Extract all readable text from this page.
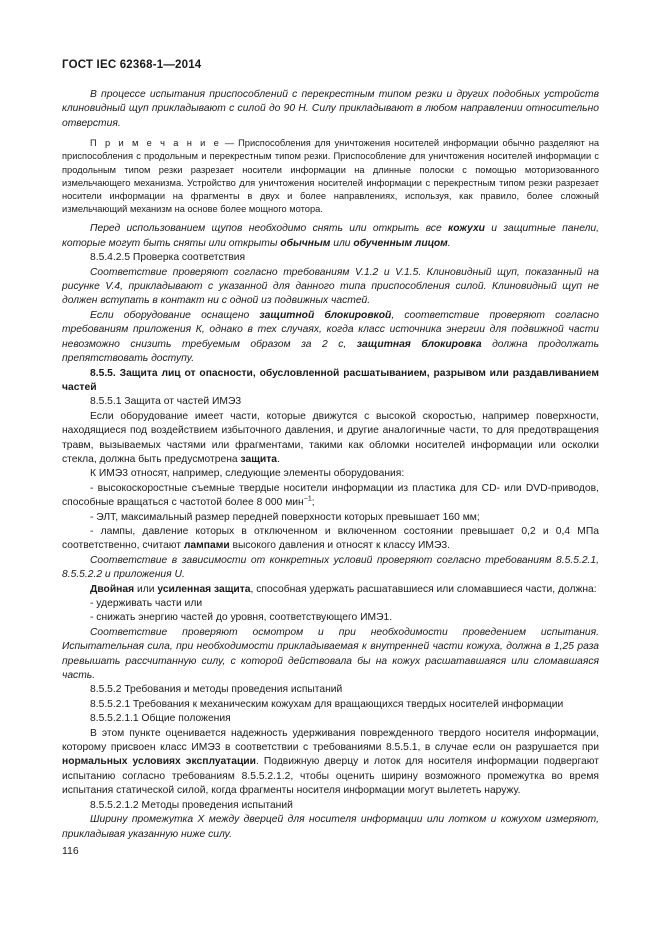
ГОСТ IEC 62368-1—2014

В процессе испытания приспособлений с перекрестным типом резки и других подобных устройств клиновидный щуп прикладывают с силой до 90 Н. Силу прикладывают в любом направлении относительно отверстия.

П р и м е ч а н и е — Приспособления для уничтожения носителей информации обычно разделяют на приспособления с продольным и перекрестным типом резки. Приспособление для уничтожения носителей информации с продольным типом резки разрезает носители информации на длинные полоски с помощью моторизованного измельчающего механизма. Устройство для уничтожения носителей информации с перекрестным типом резки разрезает носители информации на фрагменты в двух и более направлениях, используя, как правило, более сложный измельчающий механизм на основе более мощного мотора.

Перед использованием щупов необходимо снять или открыть все кожухи и защитные панели, которые могут быть сняты или открыты обычным или обученным лицом.

8.5.4.2.5 Проверка соответствия

Соответствие проверяют согласно требованиям V.1.2 и V.1.5. Клиновидный щуп, показанный на рисунке V.4, прикладывают с указанной для данного типа приспособления силой. Клиновидный щуп не должен вступать в контакт ни с одной из подвижных частей.

Если оборудование оснащено защитной блокировкой, соответствие проверяют согласно требованиям приложения К, однако в тех случаях, когда класс источника энергии для подвижной части невозможно снизить требуемым образом за 2 с, защитная блокировка должна продолжать препятствовать доступу.

8.5.5. Защита лиц от опасности, обусловленной расшатыванием, разрывом или раздавливанием частей

8.5.5.1 Защита от частей ИМЭ3

Если оборудование имеет части, которые движутся с высокой скоростью, например поверхности, находящиеся под воздействием избыточного давления, и другие аналогичные части, то для предотвращения травм, вызываемых частями или фрагментами, такими как обломки носителей информации или осколки стекла, должна быть предусмотрена защита.

К ИМЭ3 относят, например, следующие элементы оборудования:

- высокоскоростные съемные твердые носители информации из пластика для CD- или DVD-приводов, способные вращаться с частотой более 8 000 мин$^{-1}$;

- ЭЛТ, максимальный размер передней поверхности которых превышает 160 мм;

- лампы, давление которых в отключенном и включенном состоянии превышает 0,2 и 0,4 МПа соответственно, считают лампами высокого давления и относят к классу ИМЭ3.

Соответствие в зависимости от конкретных условий проверяют согласно требованиям 8.5.5.2.1, 8.5.5.2.2 и приложения U.

Двойная или усиленная защита, способная удержать расшатавшиеся или сломавшиеся части, должна:

- удерживать части или

- снижать энергию частей до уровня, соответствующего ИМЭ1.

Соответствие проверяют осмотром и при необходимости проведением испытания. Испытательная сила, при необходимости прикладываемая к внутренней части кожуха, должна в 1,25 раза превышать рассчитанную силу, с которой действовала бы на кожух расшатавшаяся или сломавшаяся часть.

8.5.5.2 Требования и методы проведения испытаний

8.5.5.2.1 Требования к механическим кожухам для вращающихся твердых носителей информации

8.5.5.2.1.1 Общие положения

В этом пункте оценивается надежность удерживания поврежденного твердого носителя информации, которому присвоен класс ИМЭ3 в соответствии с требованиями 8.5.5.1, в случае если он разрушается при нормальных условиях эксплуатации. Подвижную дверцу и лоток для носителя информации подвергают испытанию согласно требованиям 8.5.5.2.1.2, чтобы оценить ширину возможного промежутка во время испытания статической силой, когда фрагменты носителя информации могут вылететь наружу.

8.5.5.2.1.2 Методы проведения испытаний

Ширину промежутка X между дверцей для носителя информации или лотком и кожухом измеряют, прикладывая указанную ниже силу.

116
